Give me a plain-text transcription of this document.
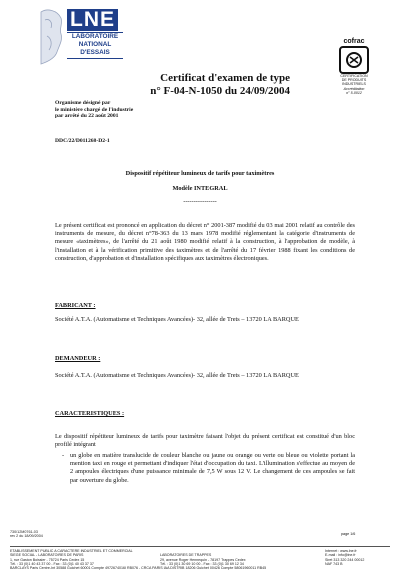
LNE
LABORATOIRE
NATIONAL
D'ESSAIS
cofrac
CERTIFICATION
DE PRODUITS
INDUSTRIELS
Accréditation
n° 5-0012
Certificat d'examen de type
n° F-04-N-1050 du 24/09/2004
Organisme désigné par
le ministère chargé de l'industrie
par arrêté du 22 août 2001
DDC/22/D011268-D2-1
Dispositif répétiteur lumineux de tarifs pour taximètres
Modèle INTEGRAL
----------------
Le présent certificat est prononcé en application du décret n° 2001-387 modifié du 03 mai 2001 relatif au contrôle des instruments de mesure, du décret n°78-363 du 13 mars 1978 modifié réglementant la catégorie d'instruments de mesure «taximètres», de l'arrêté du 21 août 1980 modifié relatif à la construction, à l'approbation de modèle, à l'installation et à la vérification primitive des taximètres et de l'arrêté du 17 février 1988 fixant les conditions de construction, d'approbation et d'installation spécifiques aux taximètres électroniques.
FABRICANT :
Société A.T.A. (Automatisme et Techniques Avancées)- 32, allée de Trets – 13720 LA BARQUE
DEMANDEUR :
Société A.T.A. (Automatisme et Techniques Avancées)- 32, allée de Trets – 13720 LA BARQUE
CARACTERISTIQUES :
Le dispositif répétiteur lumineux de tarifs pour taximètre faisant l'objet du présent certificat est constitué d'un bloc profilé intégrant
- un globe en matière translucide de couleur blanche ou jaune ou orange ou verte ou bleue ou violette portant la mention taxi en rouge et permettant d'indiquer l'état d'occupation du taxi. L'illumination s'effectue au moyen de 2 ampoules électriques d'une puissance minimale de 7,5 W sous 12 V. Le changement de ces ampoules se fait par ouverture du globe.
730/12M0761-03
rev 2 du 18/09/2004
page 1/6
ETABLISSEMENT PUBLIC A CARACTERE INDUSTRIEL ET COMMERCIAL
SIEGE SOCIAL - LABORATOIRES DE PARIS
1, rue Gaston Boissier - 75724 Paris Cedex 15
Tél. : 33 (0)1 40 43 37 00 - Fax : 33 (0)1 40 43 37 37
LABORATOIRES DE TRAPPES
29, avenue Roger Hennequin - 78197 Trappes Cedex
Tél. : 33 (0)1 30 69 10 00 - Fax : 33 (0)1 30 69 12 34
Internet : www.lne.fr
E-mail : info@lne.fr
Siret 313 320 244 00012
NAF 743 B
BARCLAYS Paris Centre-Int 30588 Guichet 60001 Compte 4972674016I RB076 - CRCA PARIS IAA DISTRIB 18206 Guichet 00426 Compte 58061960011 RB45
